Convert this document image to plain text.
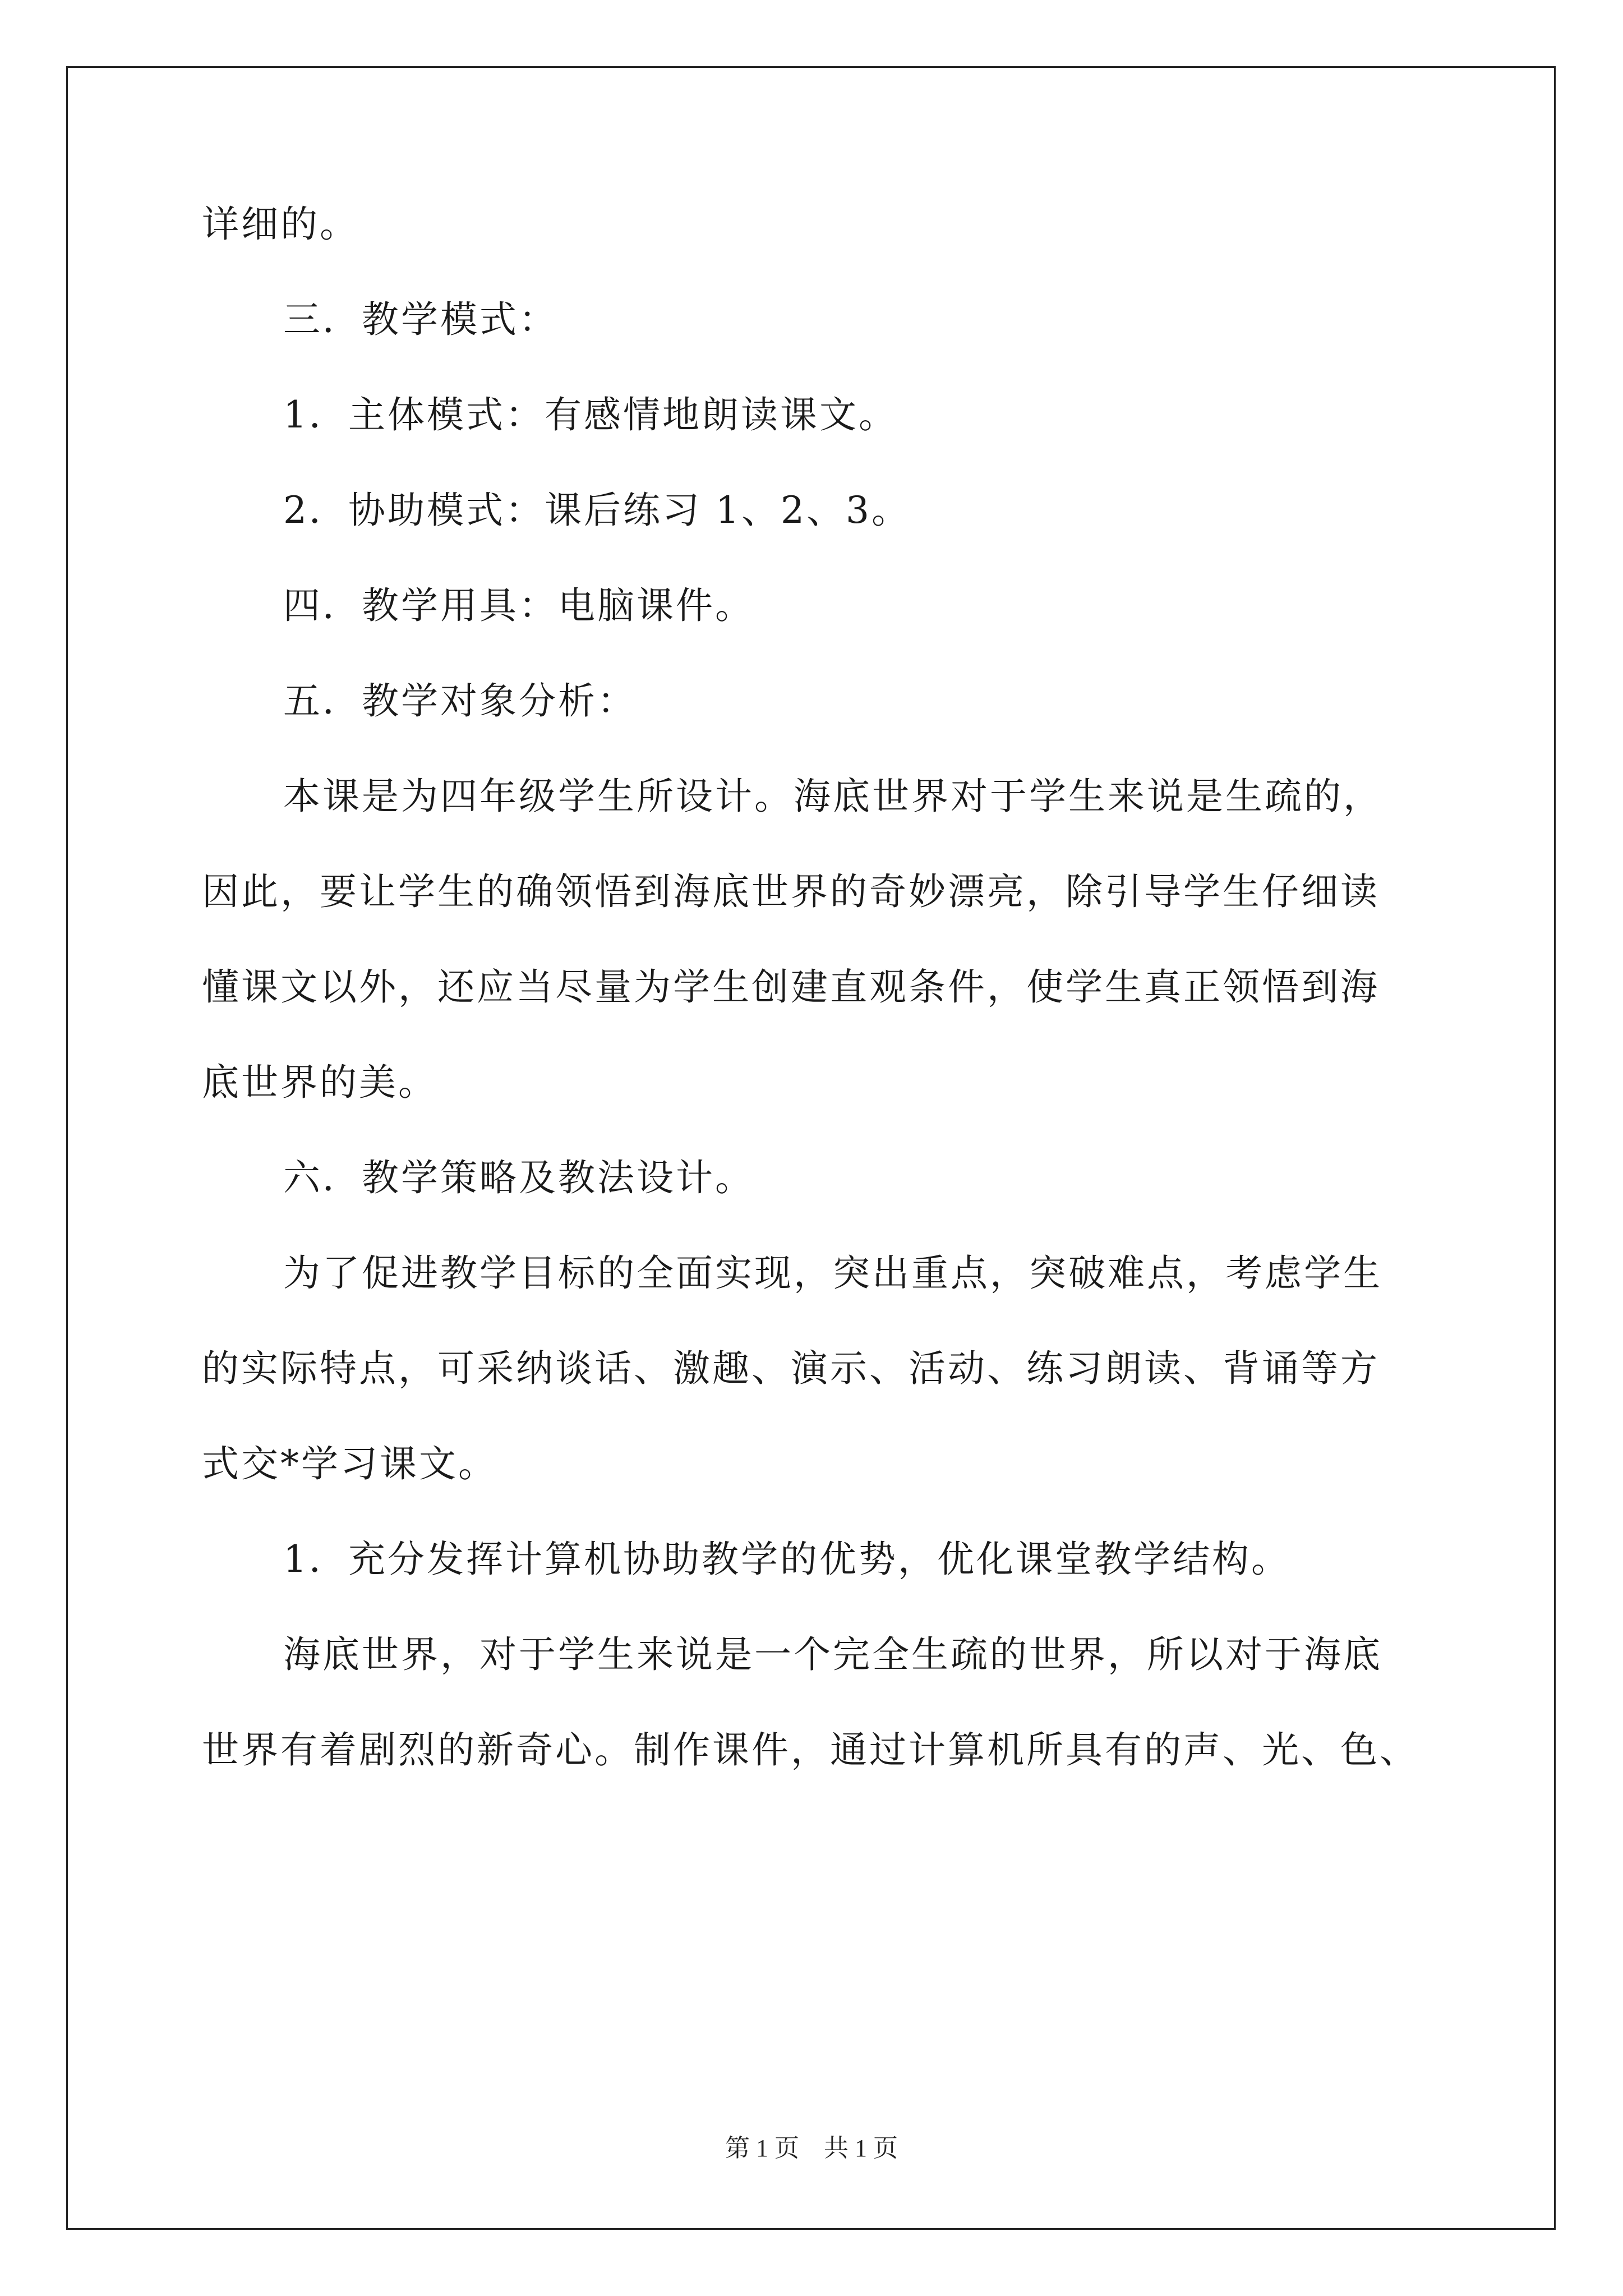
详细的。
三．教学模式：
1．主体模式：有感情地朗读课文。
2．协助模式：课后练习 1、2、3。
四．教学用具：电脑课件。
五．教学对象分析：
本课是为四年级学生所设计。海底世界对于学生来说是生疏的，
因此，要让学生的确领悟到海底世界的奇妙漂亮，除引导学生仔细读
懂课文以外，还应当尽量为学生创建直观条件，使学生真正领悟到海
底世界的美。
六．教学策略及教法设计。
为了促进教学目标的全面实现，突出重点，突破难点，考虑学生
的实际特点，可采纳谈话、激趣、演示、活动、练习朗读、背诵等方
式交*学习课文。
1．充分发挥计算机协助教学的优势，优化课堂教学结构。
海底世界，对于学生来说是一个完全生疏的世界，所以对于海底
世界有着剧烈的新奇心。制作课件，通过计算机所具有的声、光、色、
第 1 页　共 1 页
